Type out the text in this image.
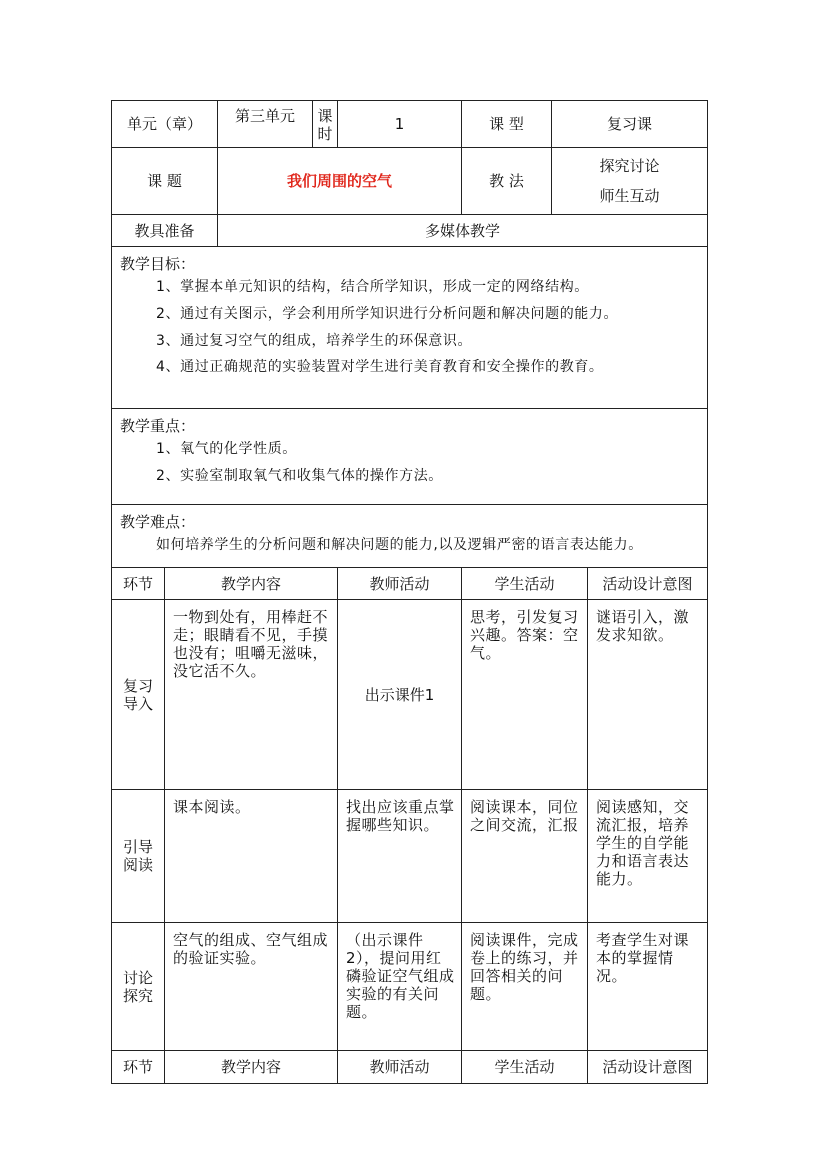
单元（章）		第三单元 课 时	1	课 型	复习课	
课 题		我们周围的空气		教 法	探究讨论
师生互动	

教具准备		多媒体教学				

教学目标：
1、掌握本单元知识的结构，结合所学知识，形成一定的网络结构。
2、通过有关图示，学会利用所学知识进行分析问题和解决问题的能力。
3、通过复习空气的组成，培养学生的环保意识。
4、通过正确规范的实验装置对学生进行美育教育和安全操作的教育。						

教学重点：
1、氧气的化学性质。
2、实验室制取氧气和收集气体的操作方法。						

教学难点：
如何培养学生的分析问题和解决问题的能力,以及逻辑严密的语言表达能力。						

环节	教学内容		教师活动	学生活动		活动设计意图

复习
导入	一物到处有，用棒赶不走；眼睛看不见，手摸也没有；咀嚼无滋味，没它活不久。		出示课件1	思考，引发复习兴趣。答案：空气。		谜语引入，激发求知欲。

引导
阅读	课本阅读。		找出应该重点掌握哪些知识。	阅读课本，同位之间交流，汇报		阅读感知，交流汇报，培养学生的自学能力和语言表达能力。

讨论
探究	空气的组成、空气组成的验证实验。		（出示课件2），提问用红磷验证空气组成实验的有关问题。	阅读课件，完成卷上的练习，并回答相关的问题。		考查学生对课本的掌握情况。
环节	教学内容		教师活动	学生活动		活动设计意图
